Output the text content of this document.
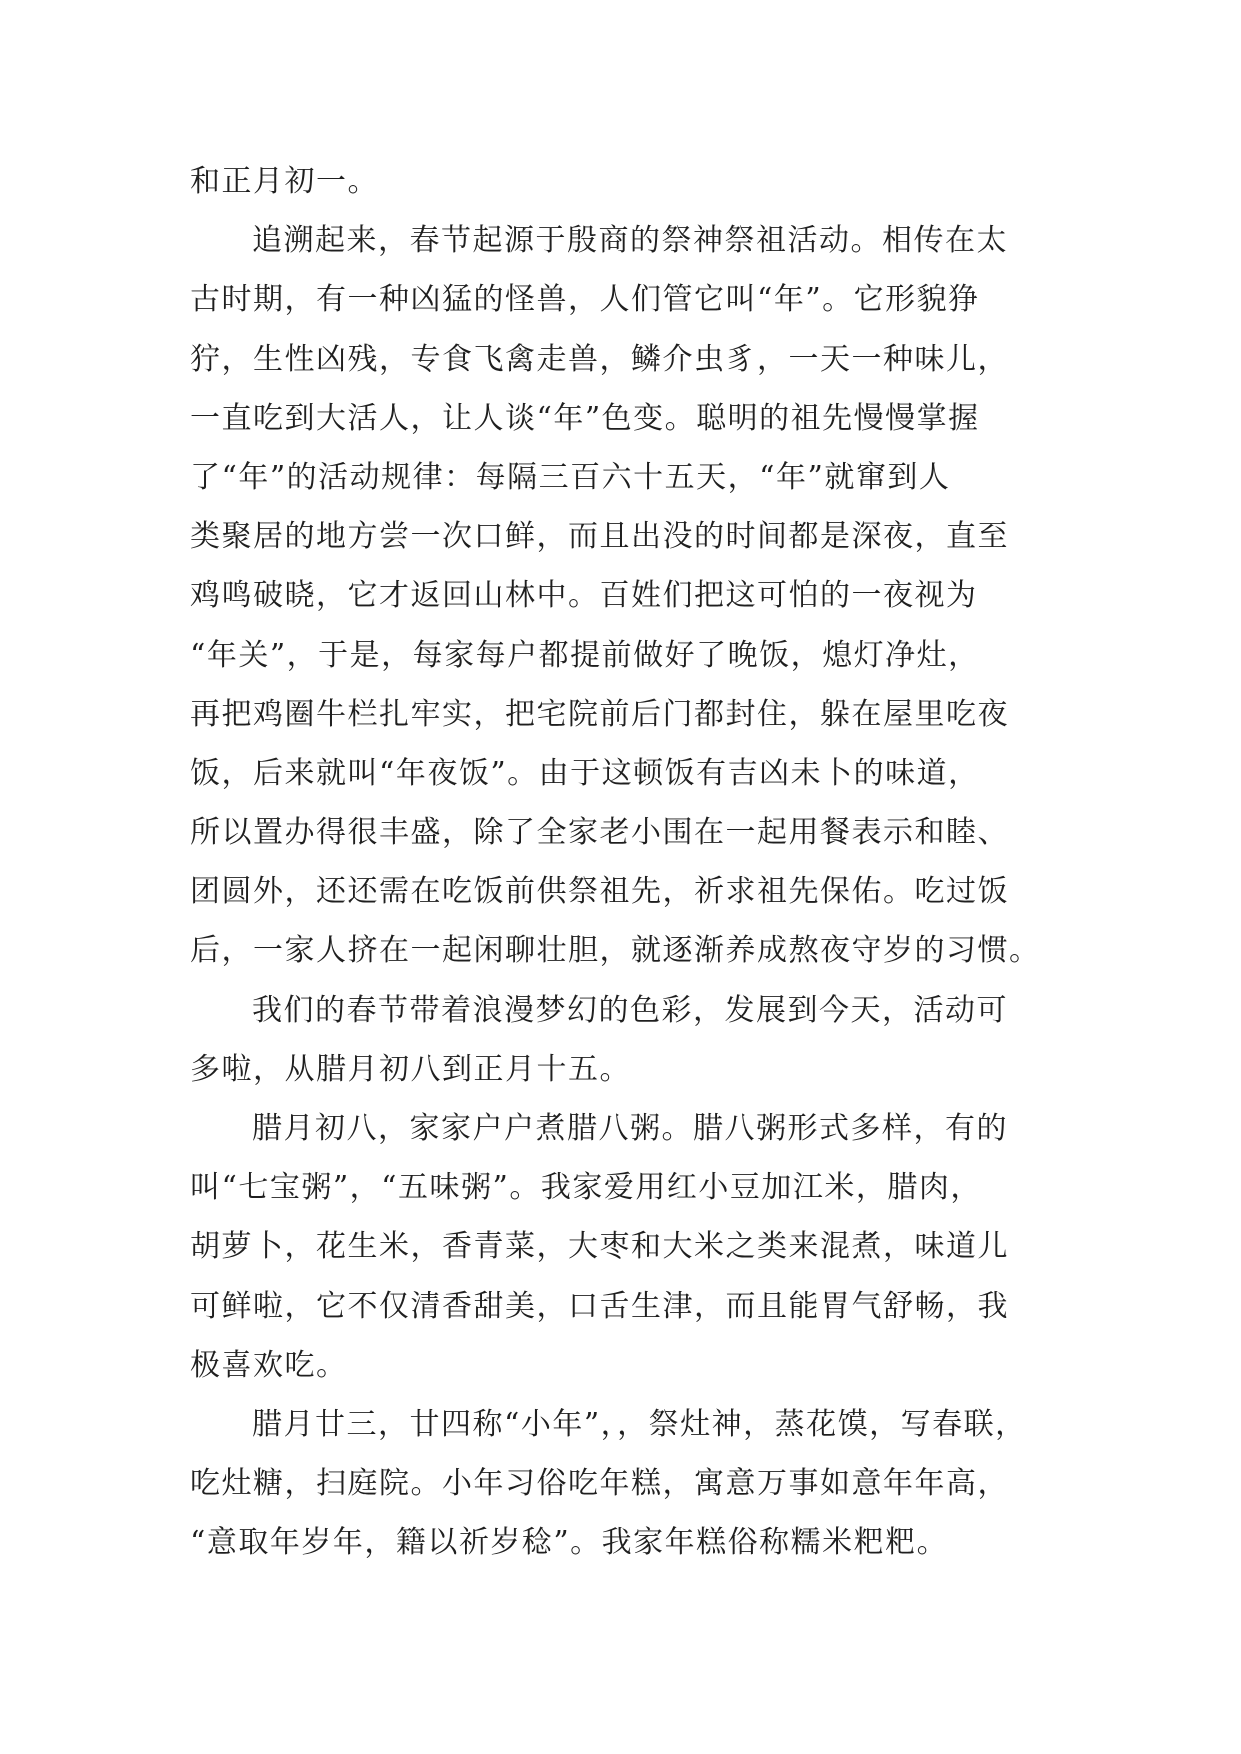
和正月初一。
追溯起来，春节起源于殷商的祭神祭祖活动。相传在太
古时期，有一种凶猛的怪兽，人们管它叫“年”。它形貌狰
狞，生性凶残，专食飞禽走兽，鳞介虫豸，一天一种味儿，
一直吃到大活人，让人谈“年”色变。聪明的祖先慢慢掌握
了“年”的活动规律：每隔三百六十五天，“年”就窜到人
类聚居的地方尝一次口鲜，而且出没的时间都是深夜，直至
鸡鸣破晓，它才返回山林中。百姓们把这可怕的一夜视为
“年关”，于是，每家每户都提前做好了晚饭，熄灯净灶，
再把鸡圈牛栏扎牢实，把宅院前后门都封住，躲在屋里吃夜
饭，后来就叫“年夜饭”。由于这顿饭有吉凶未卜的味道，
所以置办得很丰盛，除了全家老小围在一起用餐表示和睦、
团圆外，还还需在吃饭前供祭祖先，祈求祖先保佑。吃过饭
后，一家人挤在一起闲聊壮胆，就逐渐养成熬夜守岁的习惯。
我们的春节带着浪漫梦幻的色彩，发展到今天，活动可
多啦，从腊月初八到正月十五。
腊月初八，家家户户煮腊八粥。腊八粥形式多样，有的
叫“七宝粥”，“五味粥”。我家爱用红小豆加江米，腊肉，
胡萝卜，花生米，香青菜，大枣和大米之类来混煮，味道儿
可鲜啦，它不仅清香甜美，口舌生津，而且能胃气舒畅，我
极喜欢吃。
腊月廿三，廿四称“小年”，，祭灶神，蒸花馍，写春联，
吃灶糖，扫庭院。小年习俗吃年糕，寓意万事如意年年高，
“意取年岁年，籍以祈岁稔”。我家年糕俗称糯米粑粑。
